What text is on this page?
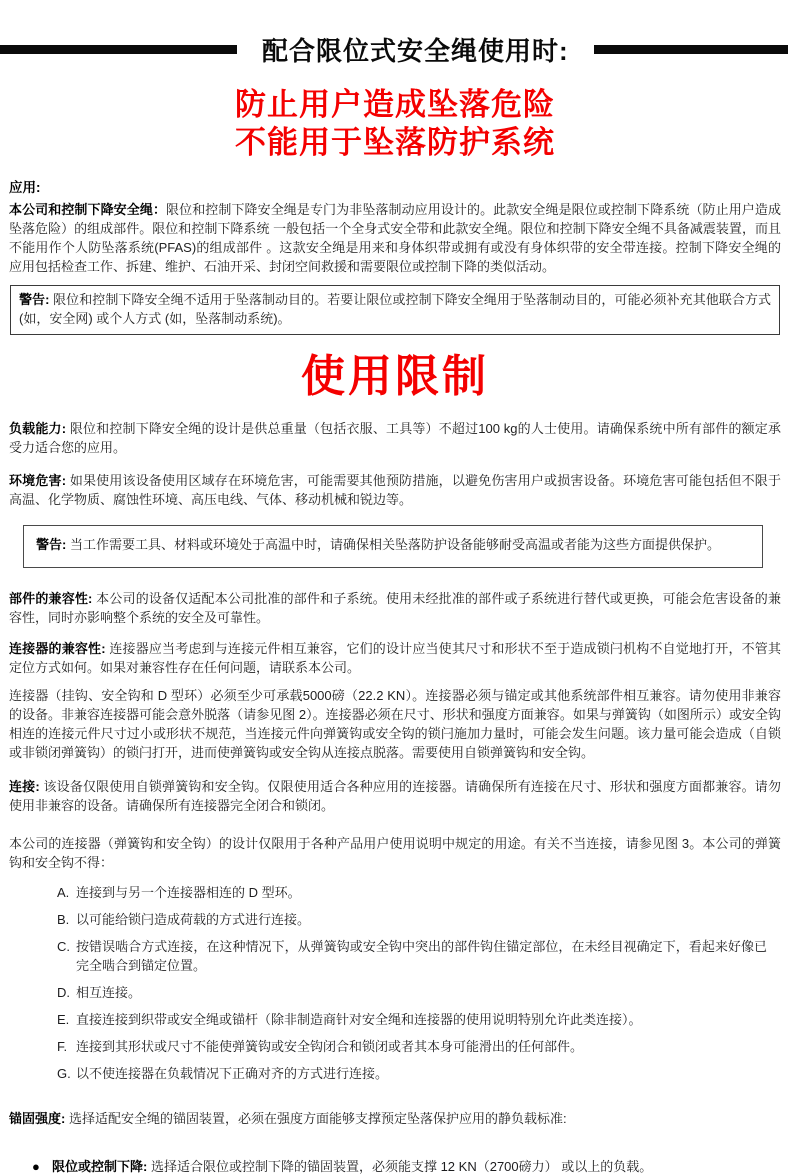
配合限位式安全绳使用时:
防止用户造成坠落危险
不能用于坠落防护系统
应用:

本公司和控制下降安全绳：限位和控制下降安全绳是专门为非坠落制动应用设计的。此款安全绳是限位或控制下降系统（防止用户造成坠落危险）的组成部件。限位和控制下降系统 一般包括一个全身式安全带和此款安全绳。限位和控制下降安全绳不具备减震装置，而且不能用作个人防坠落系统(PFAS)的组成部件 。这款安全绳是用来和身体织带或拥有或没有身体织带的安全带连接。控制下降安全绳的应用包括检查工作、拆建、维护、石油开采、封闭空间救援和需要限位或控制下降的类似活动。

警告: 限位和控制下降安全绳不适用于坠落制动目的。若要让限位或控制下降安全绳用于坠落制动目的，可能必须补充其他联合方式 (如，安全网) 或个人方式 (如，坠落制动系统)。

使用限制

负载能力: 限位和控制下降安全绳的设计是供总重量（包括衣服、工具等）不超过100 kg的人士使用。请确保系统中所有部件的额定承受力适合您的应用。

环境危害: 如果使用该设备使用区域存在环境危害，可能需要其他预防措施，以避免伤害用户或损害设备。环境危害可能包括但不限于高温、化学物质、腐蚀性环境、高压电线、气体、移动机械和锐边等。

警告: 当工作需要工具、材料或环境处于高温中时，请确保相关坠落防护设备能够耐受高温或者能为这些方面提供保护。

部件的兼容性: 本公司的设备仅适配本公司批准的部件和子系统。使用未经批准的部件或子系统进行替代或更换，可能会危害设备的兼容性，同时亦影响整个系统的安全及可靠性。

连接器的兼容性: 连接器应当考虑到与连接元件相互兼容，它们的设计应当使其尺寸和形状不至于造成锁闩机构不自觉地打开，不管其定位方式如何。如果对兼容性存在任何问题，请联系本公司。

连接器（挂钩、安全钩和 D 型环）必须至少可承载5000磅（22.2 KN）。连接器必须与锚定或其他系统部件相互兼容。请勿使用非兼容的设备。非兼容连接器可能会意外脱落（请参见图 2）。连接器必须在尺寸、形状和强度方面兼容。如果与弹簧钩（如图所示）或安全钩相连的连接元件尺寸过小或形状不规范，当连接元件向弹簧钩或安全钩的锁闩施加力量时，可能会发生问题。该力量可能会造成（自锁或非锁闭弹簧钩）的锁闩打开，进而使弹簧钩或安全钩从连接点脱落。需要使用自锁弹簧钩和安全钩。

连接: 该设备仅限使用自锁弹簧钩和安全钩。仅限使用适合各种应用的连接器。请确保所有连接在尺寸、形状和强度方面都兼容。请勿使用非兼容的设备。请确保所有连接器完全闭合和锁闭。

本公司的连接器（弹簧钩和安全钩）的设计仅限用于各种产品用户使用说明中规定的用途。有关不当连接，请参见图 3。本公司的弹簧钩和安全钩不得：

A. 连接到与另一个连接器相连的 D 型环。
B. 以可能给锁闩造成荷载的方式进行连接。
C. 按错误啮合方式连接，在这种情况下，从弹簧钩或安全钩中突出的部件钩住锚定部位，在未经目视确定下，看起来好像已完全啮合到锚定位置。
D. 相互连接。
E. 直接连接到织带或安全绳或锚杆（除非制造商针对安全绳和连接器的使用说明特别允许此类连接）。
F. 连接到其形状或尺寸不能使弹簧钩或安全钩闭合和锁闭或者其本身可能滑出的任何部件。
G. 以不使连接器在负载情况下正确对齐的方式进行连接。

锚固强度: 选择适配安全绳的锚固装置，必须在强度方面能够支撑预定坠落保护应用的静负载标准:

● 限位或控制下降: 选择适合限位或控制下降的锚固装置，必须能支撑 12 KN（2700磅力） 或以上的负载。
